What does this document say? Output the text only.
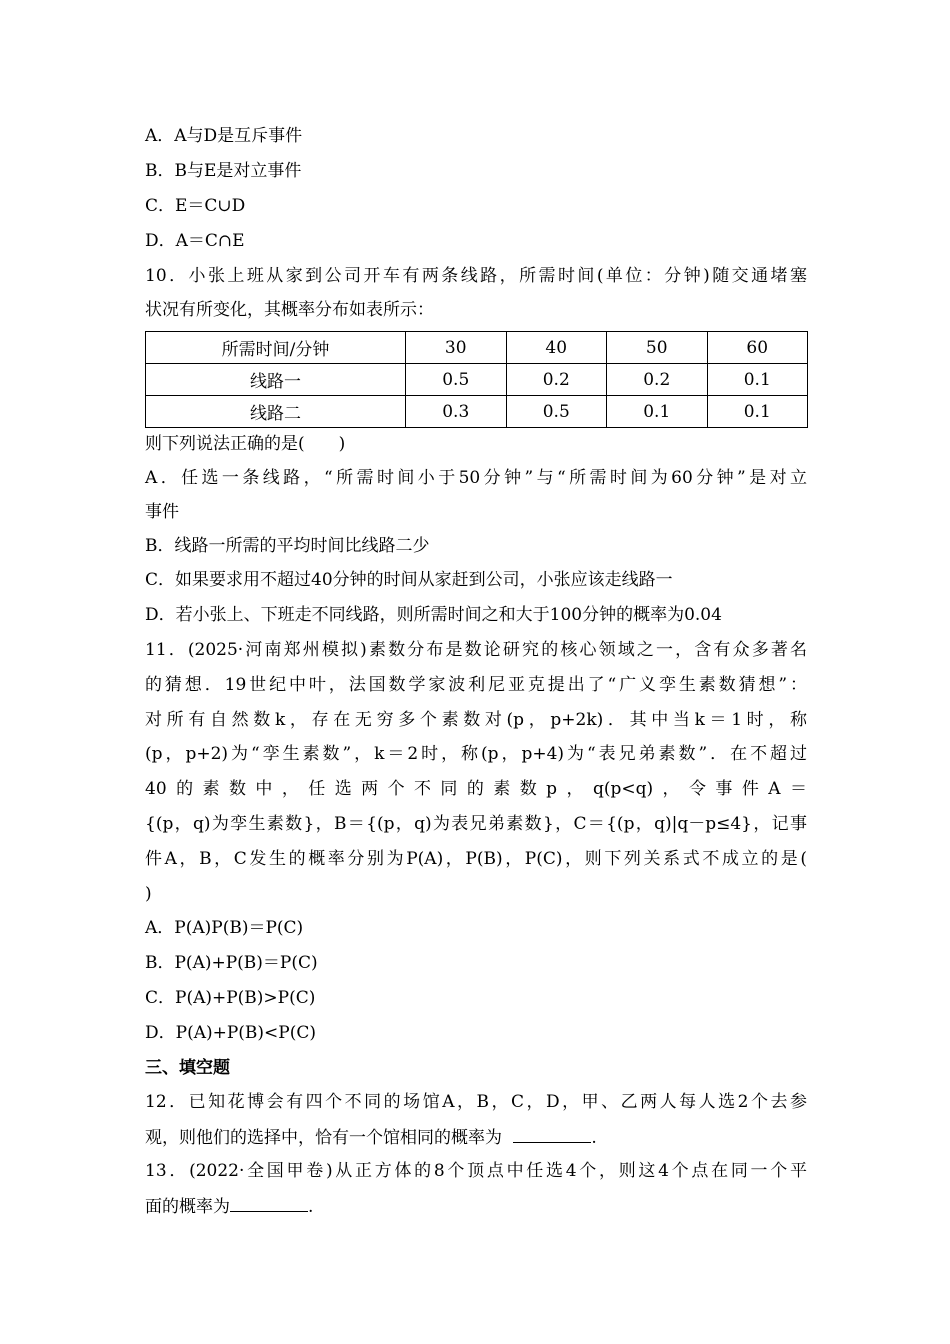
A．A与D是互斥事件
B．B与E是对立事件
C．E＝C∪D
D．A＝C∩E
10．小张上班从家到公司开车有两条线路，所需时间(单位：分钟)随交通堵塞
状况有所变化，其概率分布如表所示：
所需时间/分钟	30	40	50	60
线路一	0.5	0.2	0.2	0.1
线路二	0.3	0.5	0.1	0.1
则下列说法正确的是(　　)
A．任选一条线路，“所需时间小于50分钟”与“所需时间为60分钟”是对立
事件
B．线路一所需的平均时间比线路二少
C．如果要求用不超过40分钟的时间从家赶到公司，小张应该走线路一
D．若小张上、下班走不同线路，则所需时间之和大于100分钟的概率为0.04
11．(2025·河南郑州模拟)素数分布是数论研究的核心领域之一，含有众多著名
的猜想．19世纪中叶，法国数学家波利尼亚克提出了“广义孪生素数猜想”：
对所有自然数k，存在无穷多个素数对(p，p+2k)．其中当k＝1时，称
(p，p+2)为“孪生素数”，k＝2时，称(p，p+4)为“表兄弟素数”．在不超过
40的素数中，任选两个不同的素数p，q(p<q)，令事件A＝
{(p，q)为孪生素数}，B＝{(p，q)为表兄弟素数}，C＝{(p，q)|q－p≤4}，记事
件A，B，C发生的概率分别为P(A)，P(B)，P(C)，则下列关系式不成立的是(
)
A．P(A)P(B)＝P(C)
B．P(A)+P(B)＝P(C)
C．P(A)+P(B)>P(C)
D．P(A)+P(B)<P(C)
三、填空题
12．已知花博会有四个不同的场馆A，B，C，D，甲、乙两人每人选2个去参
观，则他们的选择中，恰有一个馆相同的概率为	.
13．(2022·全国甲卷)从正方体的8个顶点中任选4个，则这4个点在同一个平
面的概率为	.
